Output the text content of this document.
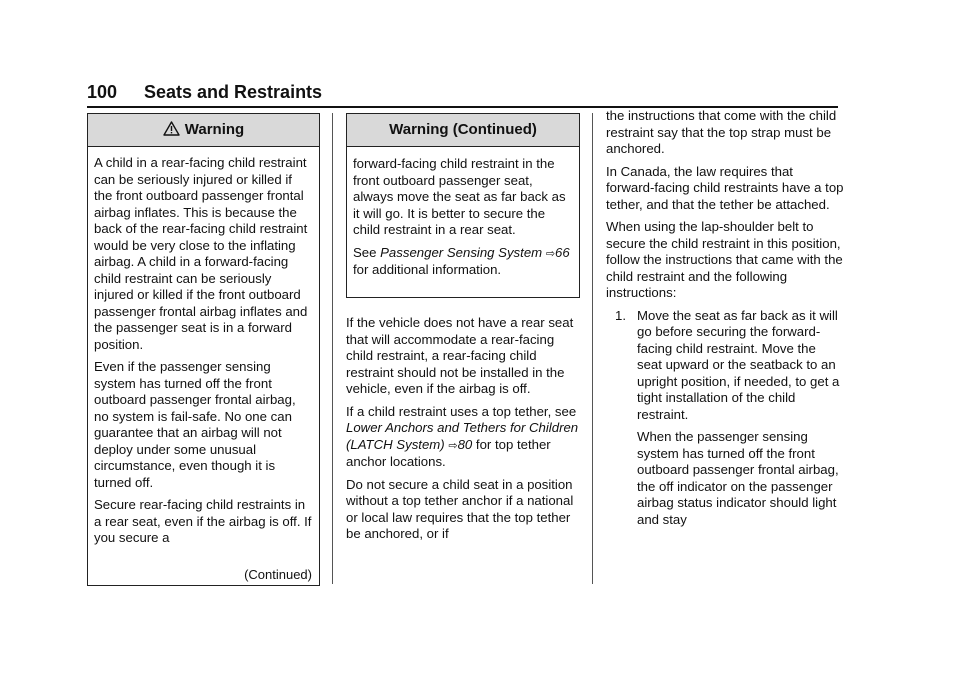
100 Seats and Restraints
Warning

A child in a rear-facing child restraint can be seriously injured or killed if the front outboard passenger frontal airbag inflates. This is because the back of the rear-facing child restraint would be very close to the inflating airbag. A child in a forward-facing child restraint can be seriously injured or killed if the front outboard passenger frontal airbag inflates and the passenger seat is in a forward position.

Even if the passenger sensing system has turned off the front outboard passenger frontal airbag, no system is fail-safe. No one can guarantee that an airbag will not deploy under some unusual circumstance, even though it is turned off.

Secure rear-facing child restraints in a rear seat, even if the airbag is off. If you secure a

(Continued)
Warning (Continued)

forward-facing child restraint in the front outboard passenger seat, always move the seat as far back as it will go. It is better to secure the child restraint in a rear seat.

See Passenger Sensing System ⇨66 for additional information.

If the vehicle does not have a rear seat that will accommodate a rear-facing child restraint, a rear-facing child restraint should not be installed in the vehicle, even if the airbag is off.

If a child restraint uses a top tether, see Lower Anchors and Tethers for Children (LATCH System) ⇨80 for top tether anchor locations.

Do not secure a child seat in a position without a top tether anchor if a national or local law requires that the top tether be anchored, or if

the instructions that come with the child restraint say that the top strap must be anchored.

In Canada, the law requires that forward-facing child restraints have a top tether, and that the tether be attached.

When using the lap-shoulder belt to secure the child restraint in this position, follow the instructions that came with the child restraint and the following instructions:

1. Move the seat as far back as it will go before securing the forward-facing child restraint. Move the seat upward or the seatback to an upright position, if needed, to get a tight installation of the child restraint.

When the passenger sensing system has turned off the front outboard passenger frontal airbag, the off indicator on the passenger airbag status indicator should light and stay
